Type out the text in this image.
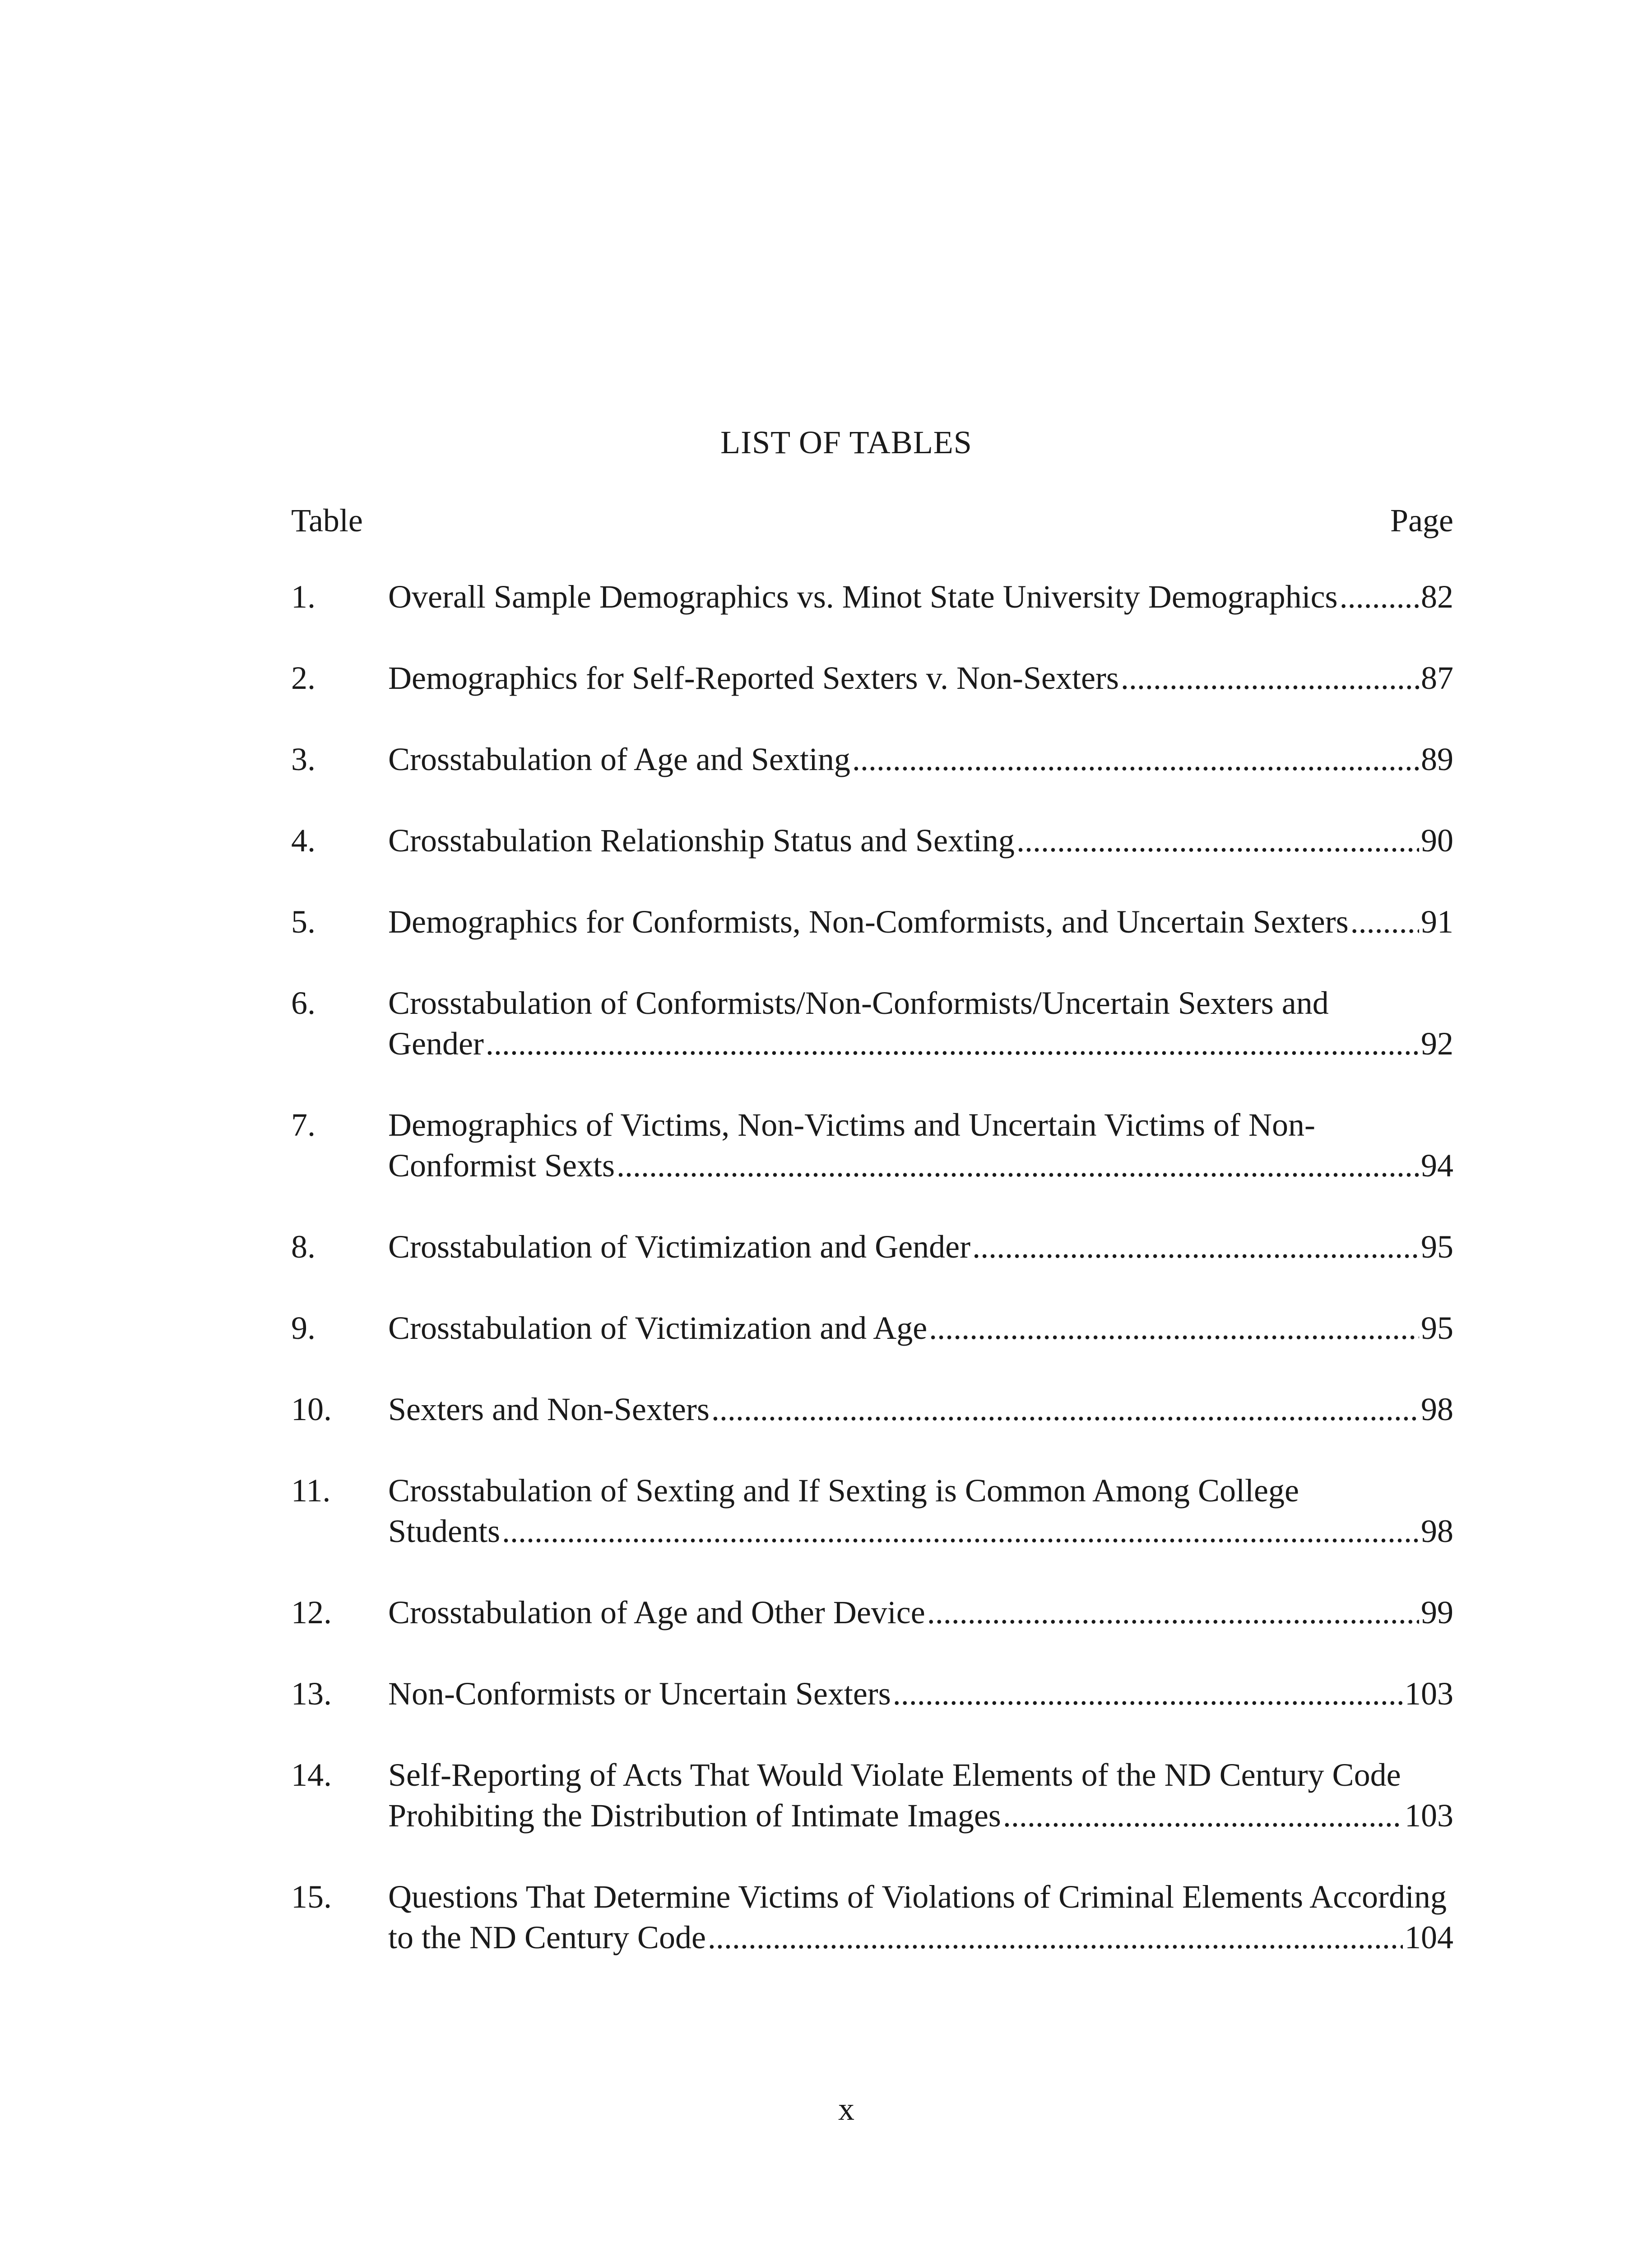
LIST OF TABLES
Table	Page
1. Overall Sample Demographics vs. Minot State University Demographics .....	82
2. Demographics for Self-Reported Sexters v. Non-Sexters .....	87
3. Crosstabulation of Age and Sexting .....	89
4. Crosstabulation Relationship Status and Sexting .....	90
5. Demographics for Conformists, Non-Comformists, and Uncertain Sexters ..... 91
6. Crosstabulation of Conformists/Non-Conformists/Uncertain Sexters and
Gender .....	92
7. Demographics of Victims, Non-Victims and Uncertain Victims of Non-
Conformist Sexts .....	94
8. Crosstabulation of Victimization and Gender .....	95
9. Crosstabulation of Victimization and Age .....	95
10. Sexters and Non-Sexters .....	98
11. Crosstabulation of Sexting and If Sexting is Common Among College
Students .....	98
12. Crosstabulation of Age and Other Device .....	99
13. Non-Conformists or Uncertain Sexters .....	103
14. Self-Reporting of Acts That Would Violate Elements of the ND Century Code
Prohibiting the Distribution of Intimate Images .....	103
15. Questions That Determine Victims of Violations of Criminal Elements According
to the ND Century Code .....	104
x
